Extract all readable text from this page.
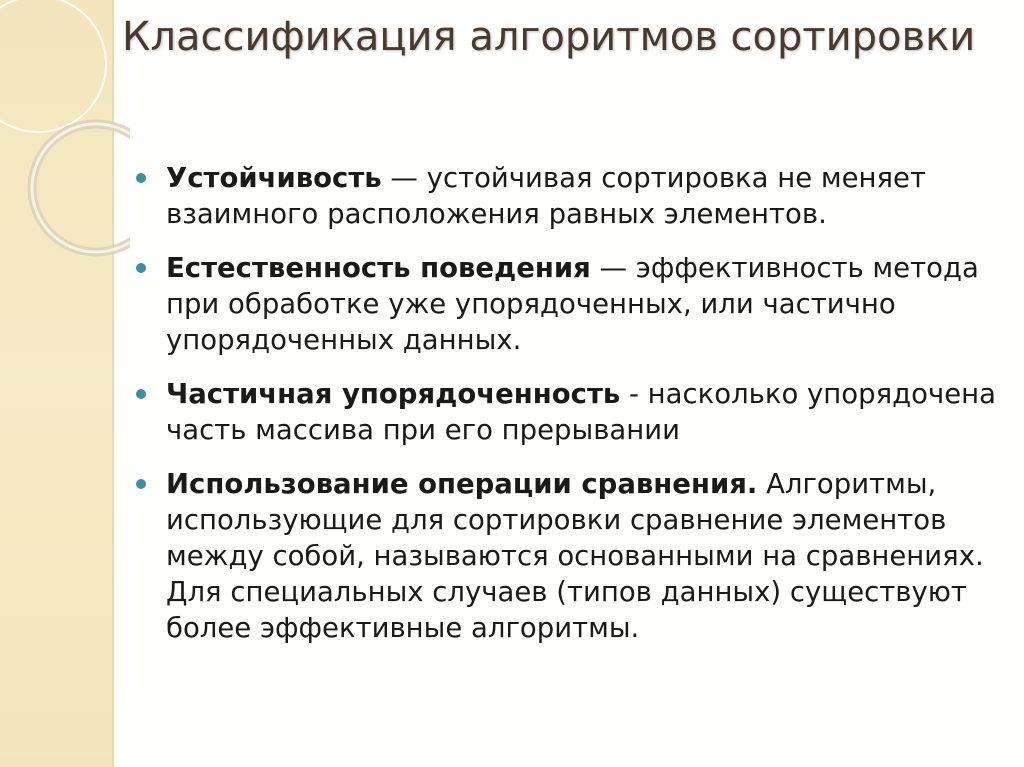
Классификация алгоритмов сортировки
Устойчивость — устойчивая сортировка не меняет взаимного расположения равных элементов.
Естественность поведения — эффективность метода при обработке уже упорядоченных, или частично упорядоченных данных.
Частичная упорядоченность - насколько упорядочена часть массива при его прерывании
Использование операции сравнения. Алгоритмы, использующие для сортировки сравнение элементов между собой, называются основанными на сравнениях. Для специальных случаев (типов данных) существуют более эффективные алгоритмы.
